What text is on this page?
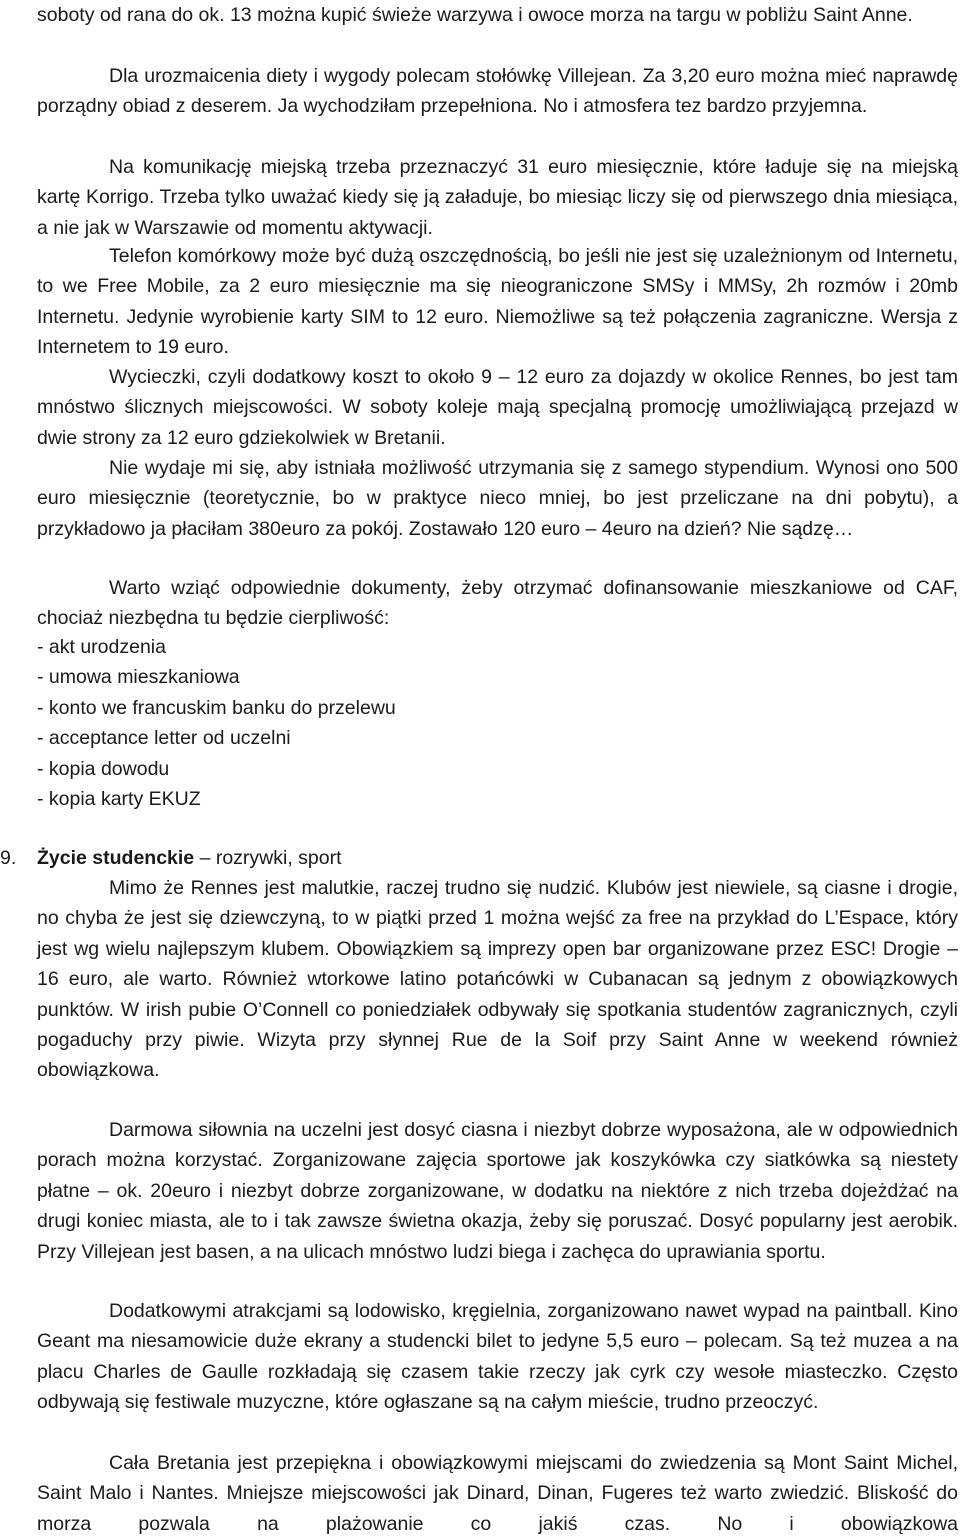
soboty od rana do ok. 13 można kupić świeże warzywa i owoce morza na targu w pobliżu Saint Anne.

Dla urozmaicenia diety i wygody polecam stołówkę Villejean. Za 3,20 euro można mieć naprawdę porządny obiad z deserem. Ja wychodziłam przepełniona. No i atmosfera tez bardzo przyjemna.

Na komunikację miejską trzeba przeznaczyć 31 euro miesięcznie, które ładuje się na miejską kartę Korrigo. Trzeba tylko uważać kiedy się ją załaduje, bo miesiąc liczy się od pierwszego dnia miesiąca, a nie jak w Warszawie od momentu aktywacji.

Telefon komórkowy może być dużą oszczędnością, bo jeśli nie jest się uzależnionym od Internetu, to we Free Mobile, za 2 euro miesięcznie ma się nieograniczone SMSy i MMSy, 2h rozmów i 20mb Internetu. Jedynie wyrobienie karty SIM to 12 euro. Niemożliwe są też połączenia zagraniczne. Wersja z Internetem to 19 euro.

Wycieczki, czyli dodatkowy koszt to około 9 – 12 euro za dojazdy w okolice Rennes, bo jest tam mnóstwo ślicznych miejscowości. W soboty koleje mają specjalną promocję umożliwiającą przejazd w dwie strony za 12 euro gdziekolwiek w Bretanii.

Nie wydaje mi się, aby istniała możliwość utrzymania się z samego stypendium. Wynosi ono 500 euro miesięcznie (teoretycznie, bo w praktyce nieco mniej, bo jest przeliczane na dni pobytu), a przykładowo ja płaciłam 380euro za pokój. Zostawało 120 euro – 4euro na dzień? Nie sądzę…

Warto wziąć odpowiednie dokumenty, żeby otrzymać dofinansowanie mieszkaniowe od CAF, chociaż niezbędna tu będzie cierpliwość:

- akt urodzenia
- umowa mieszkaniowa
- konto we francuskim banku do przelewu
- acceptance letter od uczelni
- kopia dowodu
- kopia karty EKUZ
9. Życie studenckie – rozrywki, sport

Mimo że Rennes jest malutkie, raczej trudno się nudzić. Klubów jest niewiele, są ciasne i drogie, no chyba że jest się dziewczyną, to w piątki przed 1 można wejść za free na przykład do L’Espace, który jest wg wielu najlepszym klubem. Obowiązkiem są imprezy open bar organizowane przez ESC! Drogie – 16 euro, ale warto. Również wtorkowe latino potańcówki w Cubanacan są jednym z obowiązkowych punktów. W irish pubie O’Connell co poniedziałek odbywały się spotkania studentów zagranicznych, czyli pogaduchy przy piwie. Wizyta przy słynnej Rue de la Soif przy Saint Anne w weekend również obowiązkowa.

Darmowa siłownia na uczelni jest dosyć ciasna i niezbyt dobrze wyposażona, ale w odpowiednich porach można korzystać. Zorganizowane zajęcia sportowe jak koszykówka czy siatkówka są niestety płatne – ok. 20euro i niezbyt dobrze zorganizowane, w dodatku na niektóre z nich trzeba dojeżdżać na drugi koniec miasta, ale to i tak zawsze świetna okazja, żeby się poruszać. Dosyć popularny jest aerobik. Przy Villejean jest basen, a na ulicach mnóstwo ludzi biega i zachęca do uprawiania sportu.

Dodatkowymi atrakcjami są lodowisko, kręgielnia, zorganizowano nawet wypad na paintball. Kino Geant ma niesamowicie duże ekrany a studencki bilet to jedyne 5,5 euro – polecam. Są też muzea a na placu Charles de Gaulle rozkładają się czasem takie rzeczy jak cyrk czy wesołe miasteczko. Często odbywają się festiwale muzyczne, które ogłaszane są na całym mieście, trudno przeoczyć.

Cała Bretania jest przepiękna i obowiązkowymi miejscami do zwiedzenia są Mont Saint Michel, Saint Malo i Nantes. Mniejsze miejscowości jak Dinard, Dinan, Fugeres też warto zwiedzić. Bliskość do morza pozwala na plażowanie co jakiś czas. No i obowiązkowa
